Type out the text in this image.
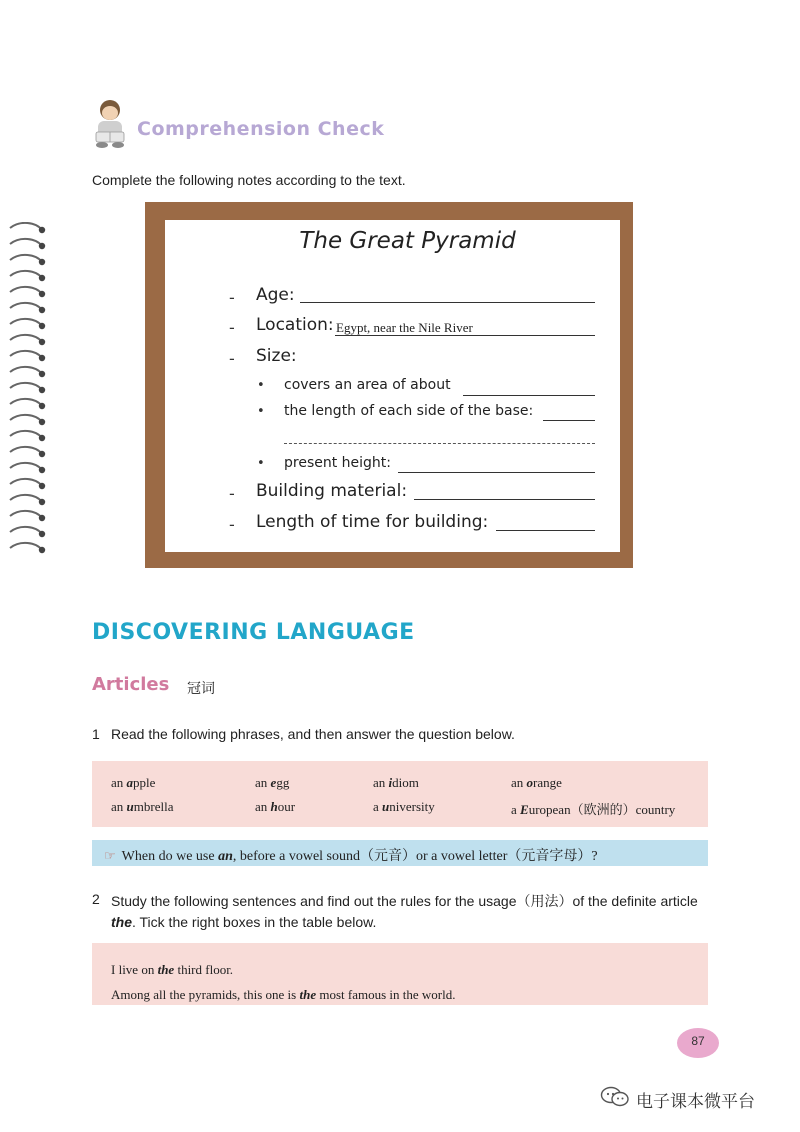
Comprehension Check
Complete the following notes according to the text.
The Great Pyramid
- Age:
- Location: Egypt, near the Nile River
- Size:
• covers an area of about
• the length of each side of the base:
• present height:
- Building material:
- Length of time for building:
DISCOVERING LANGUAGE
Articles 冠词
1 Read the following phrases, and then answer the question below.
an apple	an egg	an idiom	an orange
an umbrella	an hour	a university	a European（欧洲的）country
☞ When do we use an, before a vowel sound（元音）or a vowel letter（元音字母）?
2 Study the following sentences and find out the rules for the usage（用法）of the definite article
the. Tick the right boxes in the table below.
I live on the third floor.
Among all the pyramids, this one is the most famous in the world.
87
电子课本微平台
